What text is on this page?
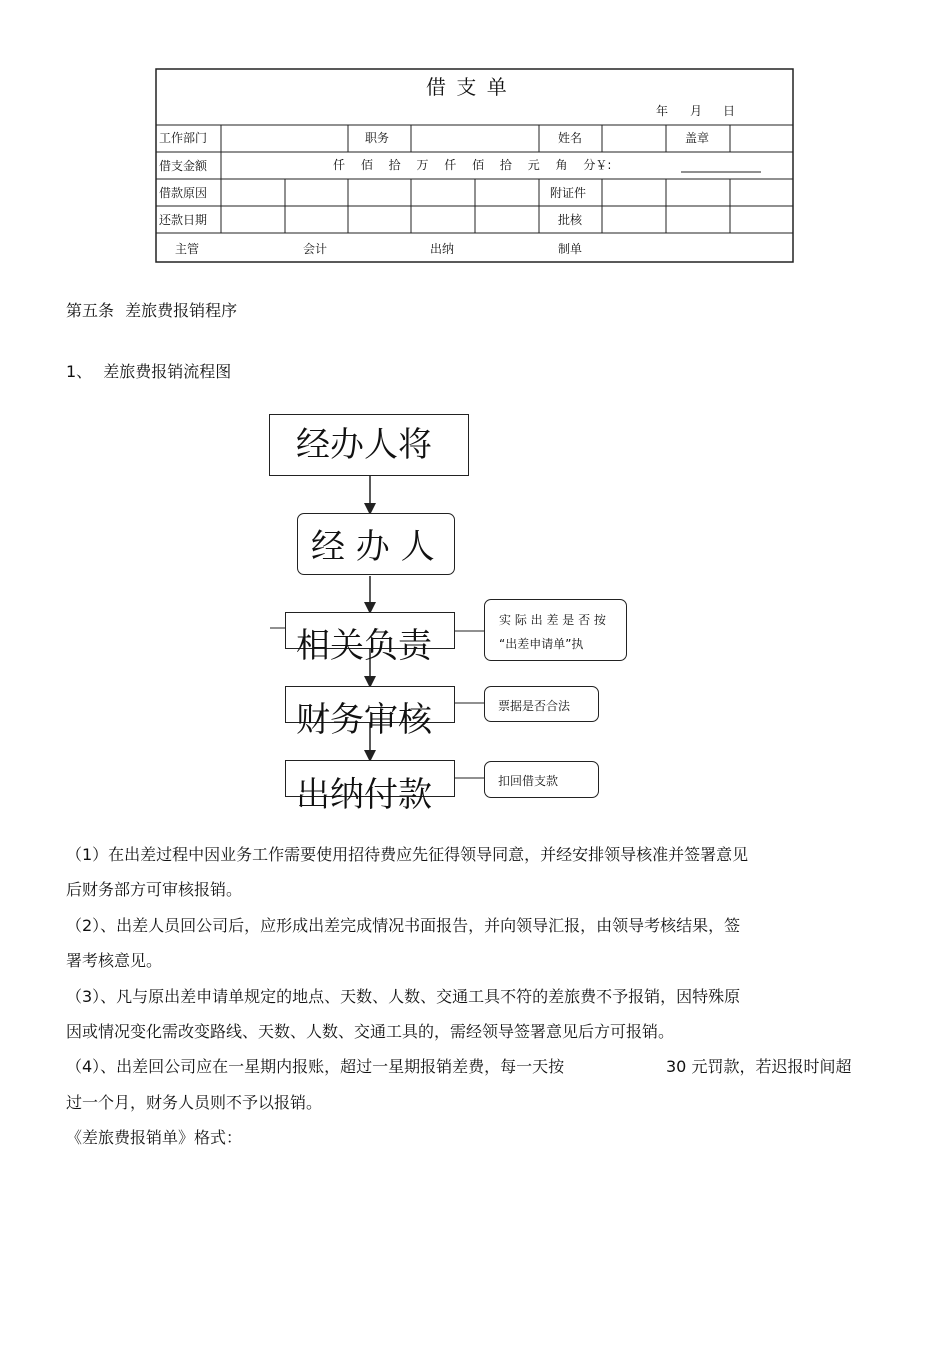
借 支 单
年 月 日
工作部门	职务	姓名	盖章
借支金额	仟 佰 拾 万 仟 佰 拾 元 角 分￥:
借款原因	附证件
还款日期	批核
主管	会计	出纳	制单
第五条 差旅费报销程序
1、 差旅费报销流程图
经办人将
经 办 人
相关负责
财务审核
出纳付款
实 际 出 差 是 否 按
“出差申请单”执
票据是否合法
扣回借支款
（1）在出差过程中因业务工作需要使用招待费应先征得领导同意，并经安排领导核准并签署意见
后财务部方可审核报销。
（2）、出差人员回公司后，应形成出差完成情况书面报告，并向领导汇报，由领导考核结果，签
署考核意见。
（3）、凡与原出差申请单规定的地点、天数、人数、交通工具不符的差旅费不予报销，因特殊原
因或情况变化需改变路线、天数、人数、交通工具的，需经领导签署意见后方可报销。
（4）、出差回公司应在一星期内报账，超过一星期报销差费，每一天按	30 元罚款，若迟报时间超
过一个月，财务人员则不予以报销。
《差旅费报销单》格式：
